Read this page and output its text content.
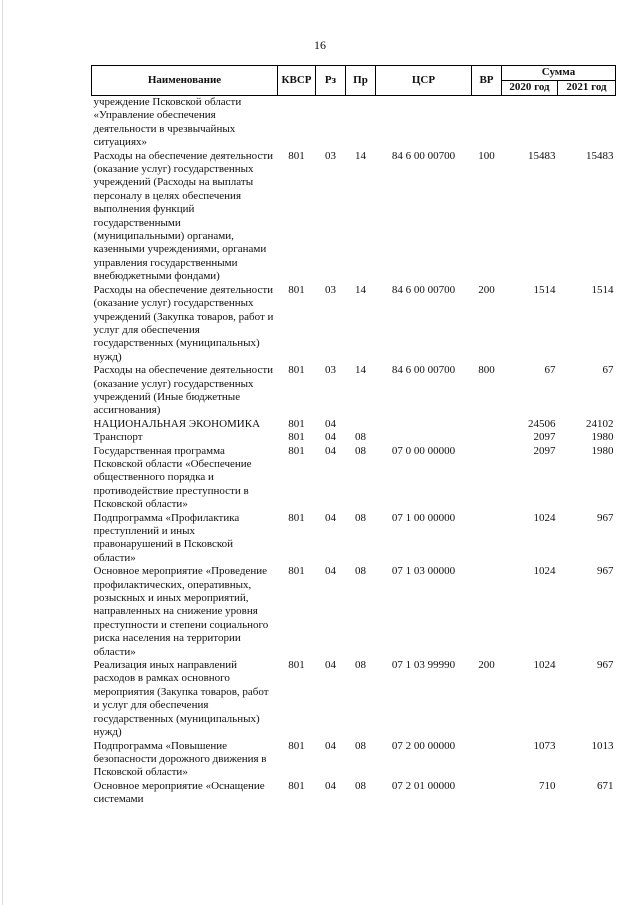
16
Наименование	КВСР	Рз	Пр	ЦСР	ВР	Сумма	
						2020 год	2021 год
учреждение Псковской области «Управление обеспечения деятельности в чрезвычайных ситуациях»							
Расходы на обеспечение деятельности (оказание услуг) государственных учреждений (Расходы на выплаты персоналу в целях обеспечения выполнения функций государственными (муниципальными) органами, казенными учреждениями, органами управления государственными внебюджетными фондами)	801	03	14	84 6 00 00700	100	15483	15483
Расходы на обеспечение деятельности (оказание услуг) государственных учреждений (Закупка товаров, работ и услуг для обеспечения государственных (муниципальных) нужд)	801	03	14	84 6 00 00700	200	1514	1514
Расходы на обеспечение деятельности (оказание услуг) государственных учреждений (Иные бюджетные ассигнования)	801	03	14	84 6 00 00700	800	67	67
НАЦИОНАЛЬНАЯ ЭКОНОМИКА	801	04				24506	24102
Транспорт	801	04	08			2097	1980
Государственная программа Псковской области «Обеспечение общественного порядка и противодействие преступности в Псковской области»	801	04	08	07 0 00 00000		2097	1980
Подпрограмма «Профилактика преступлений и иных правонарушений в Псковской области»	801	04	08	07 1 00 00000		1024	967
Основное мероприятие «Проведение профилактических, оперативных, розыскных и иных мероприятий, направленных на снижение уровня преступности и степени социального риска населения на территории области»	801	04	08	07 1 03 00000		1024	967
Реализация иных направлений расходов в рамках основного мероприятия (Закупка товаров, работ и услуг для обеспечения государственных (муниципальных) нужд)	801	04	08	07 1 03 99990	200	1024	967
Подпрограмма «Повышение безопасности дорожного движения в Псковской области»	801	04	08	07 2 00 00000		1073	1013
Основное мероприятие «Оснащение системами	801	04	08	07 2 01 00000		710	671
